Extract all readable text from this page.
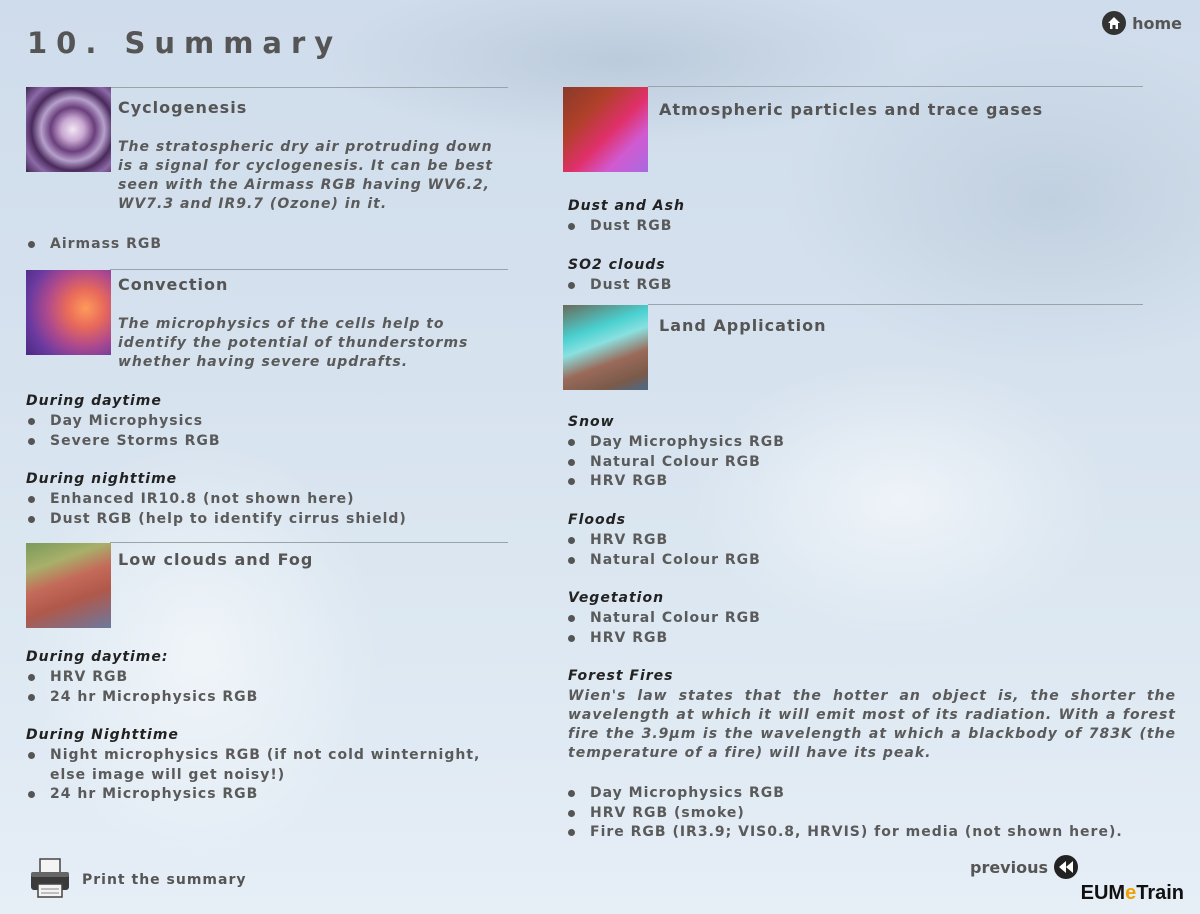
10. Summary
home
Cyclogenesis
The stratospheric dry air protruding down is a signal for cyclogenesis. It can be best seen with the Airmass RGB having WV6.2, WV7.3 and IR9.7 (Ozone) in it.
Airmass RGB
Convection
The microphysics of the cells help to identify the potential of thunderstorms whether having severe updrafts.
During daytime
Day Microphysics
Severe Storms RGB
During nighttime
Enhanced IR10.8 (not shown here)
Dust RGB (help to identify cirrus shield)
Low clouds and Fog
During daytime:
HRV RGB
24 hr Microphysics RGB
During Nighttime
Night microphysics RGB (if not cold winternight, else image will get noisy!)
24 hr Microphysics RGB
Atmospheric particles and trace gases
Dust and Ash
Dust RGB
SO2 clouds
Dust RGB
Land Application
Snow
Day Microphysics RGB
Natural Colour RGB
HRV RGB
Floods
HRV RGB
Natural Colour RGB
Vegetation
Natural Colour RGB
HRV RGB
Forest Fires
Wien's law states that the hotter an object is, the shorter the wavelength at which it will emit most of its radiation. With a forest fire the 3.9μm is the wavelength at which a blackbody of 783K (the temperature of a fire) will have its peak.
Day Microphysics RGB
HRV RGB (smoke)
Fire RGB (IR3.9; VIS0.8, HRVIS) for media (not shown here).
Print the summary
previous
EUMeTrain
